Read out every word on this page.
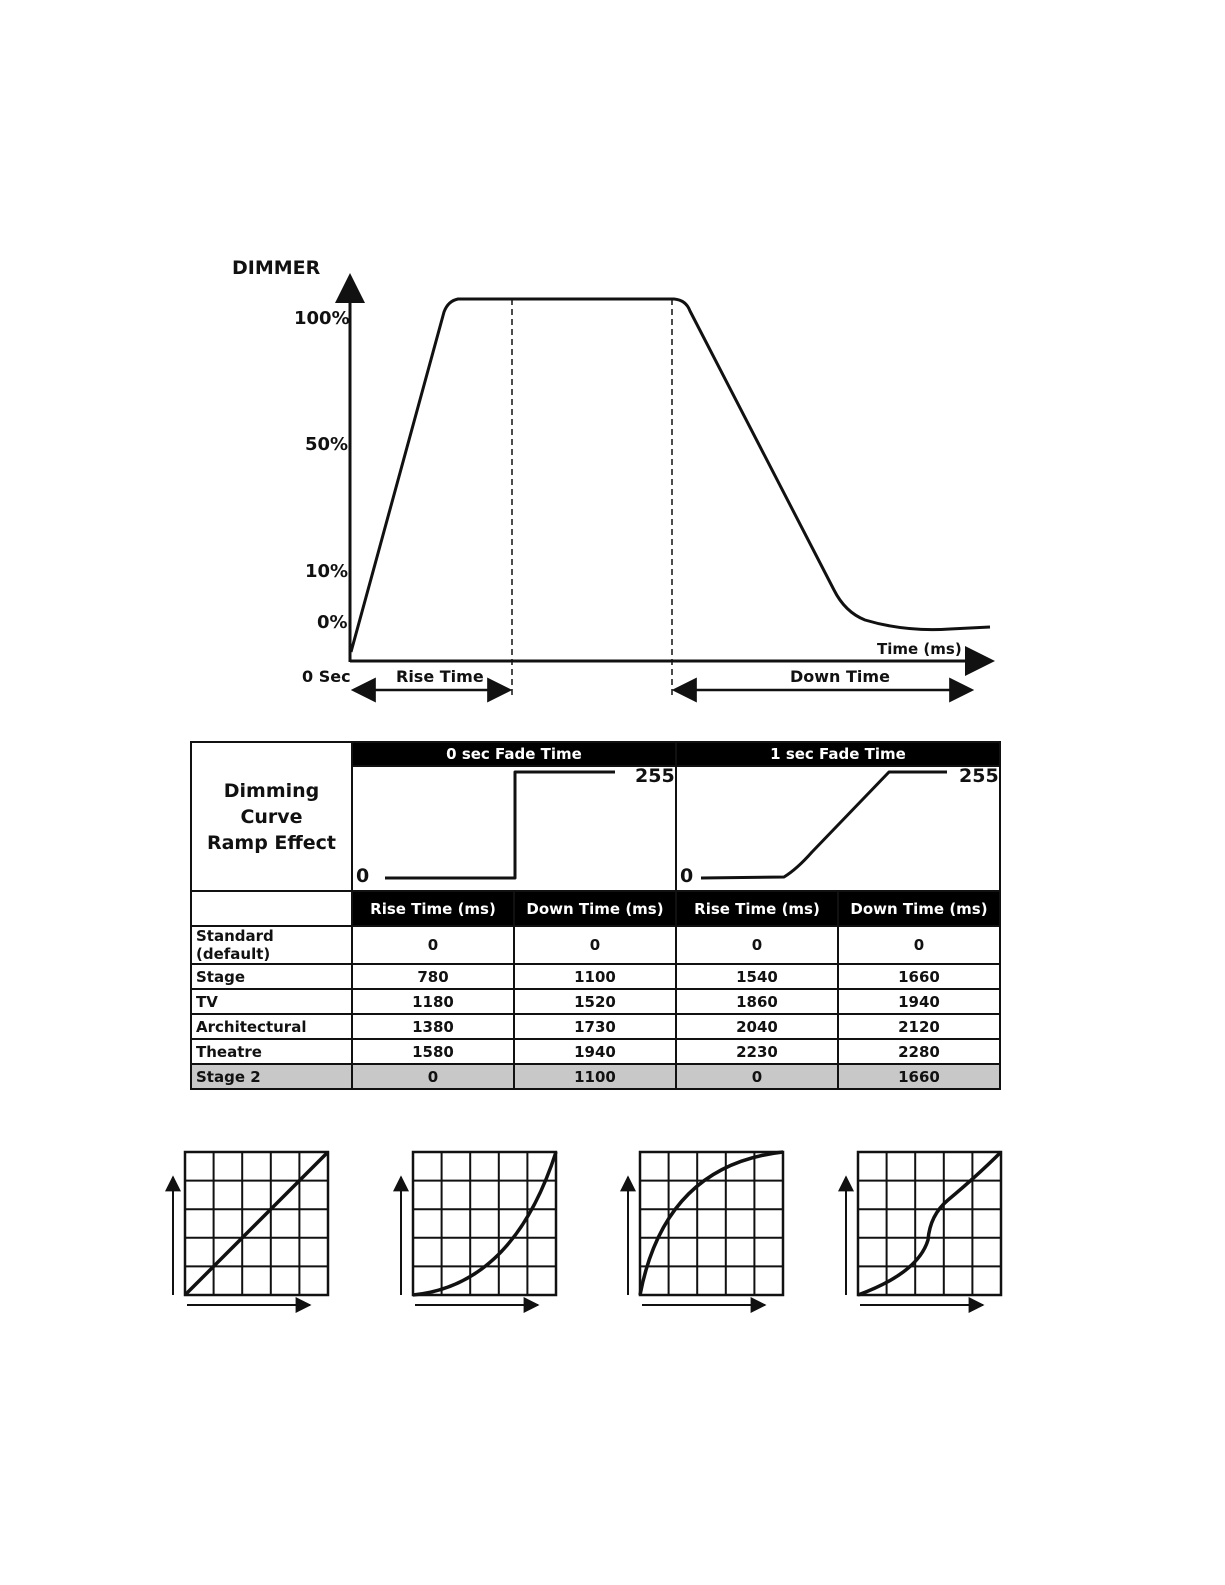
DIMMER
100%
50%
10%
0%
0 Sec
Time (ms)
Rise Time	Down Time
Dimming Curve
Ramp Effect	0 sec Fade Time		1 sec Fade Time	

	0
255		0
255	

	Rise Time (ms)	Down Time (ms)	Rise Time (ms)	Down Time (ms)
Standard (default)	0	0	0	0
Stage	780	1100	1540	1660
TV	1180	1520	1860	1940
Architectural	1380	1730	2040	2120
Theatre	1580	1940	2230	2280
Stage 2	0	1100	0	1660
